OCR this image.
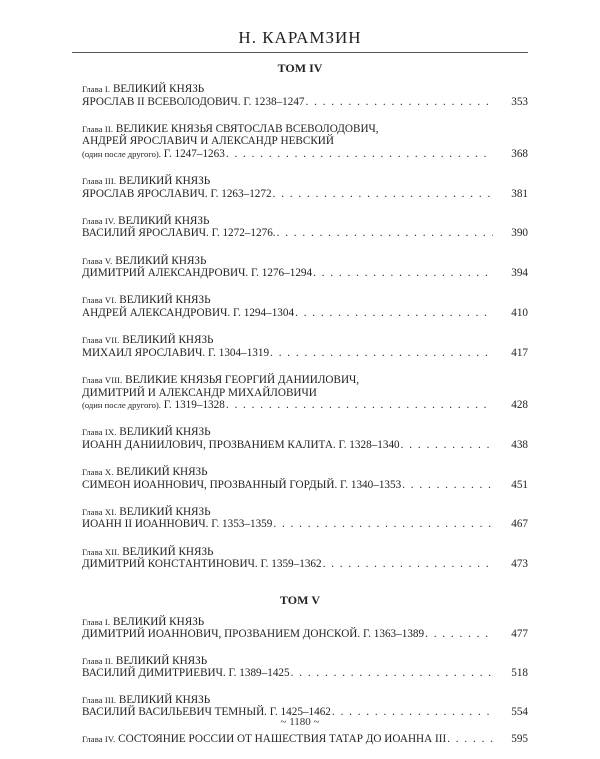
Н. КАРАМЗИН
ТОМ IV
Глава I. ВЕЛИКИЙ КНЯЗЬ
ЯРОСЛАВ II ВСЕВОЛОДОВИЧ. Г. 1238–1247 . . .	353
Глава II. ВЕЛИКИЕ КНЯЗЬЯ СВЯТОСЛАВ ВСЕВОЛОДОВИЧ,
АНДРЕЙ ЯРОСЛАВИЧ И АЛЕКСАНДР НЕВСКИЙ
(один после другого). Г. 1247–1263 . . .	368
Глава III. ВЕЛИКИЙ КНЯЗЬ
ЯРОСЛАВ ЯРОСЛАВИЧ. Г. 1263–1272 . . .	381
Глава IV. ВЕЛИКИЙ КНЯЗЬ
ВАСИЛИЙ ЯРОСЛАВИЧ. Г. 1272–1276. . . .	390
Глава V. ВЕЛИКИЙ КНЯЗЬ
ДИМИТРИЙ АЛЕКСАНДРОВИЧ. Г. 1276–1294 . . .	394
Глава VI. ВЕЛИКИЙ КНЯЗЬ
АНДРЕЙ АЛЕКСАНДРОВИЧ. Г. 1294–1304 . . .	410
Глава VII. ВЕЛИКИЙ КНЯЗЬ
МИХАИЛ ЯРОСЛАВИЧ. Г. 1304–1319 . . .	417
Глава VIII. ВЕЛИКИЕ КНЯЗЬЯ ГЕОРГИЙ ДАНИИЛОВИЧ,
ДИМИТРИЙ И АЛЕКСАНДР МИХАЙЛОВИЧИ
(один после другого). Г. 1319–1328 . . .	428
Глава IX. ВЕЛИКИЙ КНЯЗЬ
ИОАНН ДАНИИЛОВИЧ, ПРОЗВАНИЕМ КАЛИТА. Г. 1328–1340 . . .	438
Глава X. ВЕЛИКИЙ КНЯЗЬ
СИМЕОН ИОАННОВИЧ, ПРОЗВАННЫЙ ГОРДЫЙ. Г. 1340–1353 . . .	451
Глава XI. ВЕЛИКИЙ КНЯЗЬ
ИОАНН II ИОАННОВИЧ. Г. 1353–1359 . . .	467
Глава XII. ВЕЛИКИЙ КНЯЗЬ
ДИМИТРИЙ КОНСТАНТИНОВИЧ. Г. 1359–1362 . . .	473
ТОМ V
Глава I. ВЕЛИКИЙ КНЯЗЬ
ДИМИТРИЙ ИОАННОВИЧ, ПРОЗВАНИЕМ ДОНСКОЙ. Г. 1363–1389 . . .	477
Глава II. ВЕЛИКИЙ КНЯЗЬ
ВАСИЛИЙ ДИМИТРИЕВИЧ. Г. 1389–1425 . . .	518
Глава III. ВЕЛИКИЙ КНЯЗЬ
ВАСИЛИЙ ВАСИЛЬЕВИЧ ТЕМНЫЙ. Г. 1425–1462 . . .	554
Глава IV. СОСТОЯНИЕ РОССИИ ОТ НАШЕСТВИЯ ТАТАР ДО ИОАННА III . . .	595
~ 1180 ~
